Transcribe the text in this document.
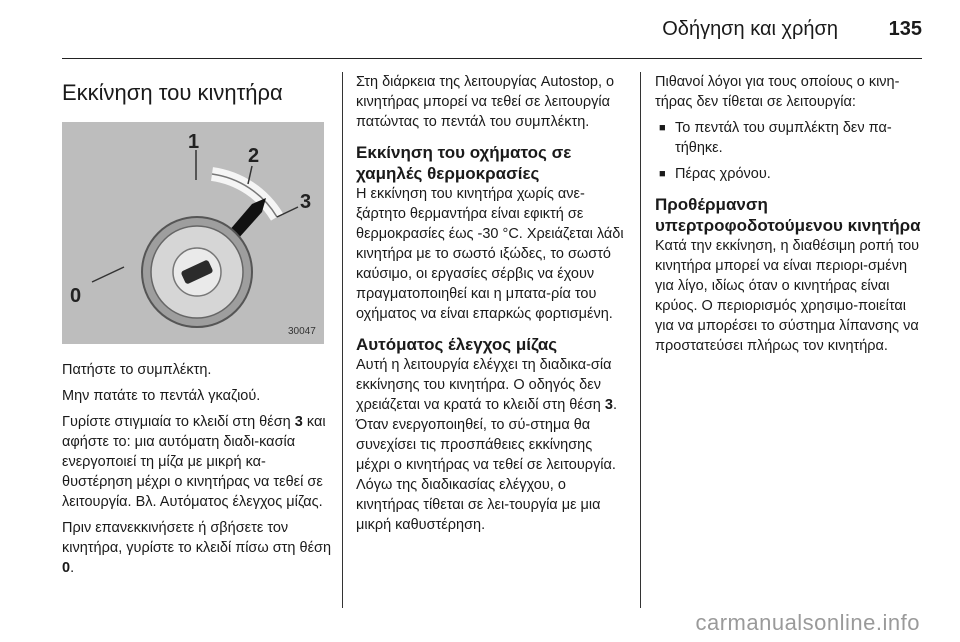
Οδήγηση και χρήση	135
Εκκίνηση του κινητήρα
1
2
3
0
30047

Πατήστε το συμπλέκτη.

Μην πατάτε το πεντάλ γκαζιού.

Γυρίστε στιγμιαία το κλειδί στη θέση 3 και αφήστε το: μια αυτόματη διαδι-κασία ενεργοποιεί τη μίζα με μικρή κα-θυστέρηση μέχρι ο κινητήρας να τεθεί σε λειτουργία. Βλ. Αυτόματος έλεγχος μίζας.

Πριν επανεκκινήσετε ή σβήσετε τον κινητήρα, γυρίστε το κλειδί πίσω στη θέση 0.

Στη διάρκεια της λειτουργίας Autostop, ο κινητήρας μπορεί να τεθεί σε λειτουργία πατώντας το πεντάλ του συμπλέκτη.

Εκκίνηση του οχήματος σε χαμηλές θερμοκρασίες

Η εκκίνηση του κινητήρα χωρίς ανε-ξάρτητο θερμαντήρα είναι εφικτή σε θερμοκρασίες έως -30 °C. Χρειάζεται λάδι κινητήρα με το σωστό ιξώδες, το σωστό καύσιμο, οι εργασίες σέρβις να έχουν πραγματοποιηθεί και η μπατα-ρία του οχήματος να είναι επαρκώς φορτισμένη.

Αυτόματος έλεγχος μίζας

Αυτή η λειτουργία ελέγχει τη διαδικα-σία εκκίνησης του κινητήρα. Ο οδηγός δεν χρειάζεται να κρατά το κλειδί στη θέση 3. Όταν ενεργοποιηθεί, το σύ-στημα θα συνεχίσει τις προσπάθειες εκκίνησης μέχρι ο κινητήρας να τεθεί σε λειτουργία. Λόγω της διαδικασίας ελέγχου, ο κινητήρας τίθεται σε λει-τουργία με μια μικρή καθυστέρηση.

Πιθανοί λόγοι για τους οποίους ο κινη-τήρας δεν τίθεται σε λειτουργία:

■ Το πεντάλ του συμπλέκτη δεν πα-τήθηκε.
■ Πέρας χρόνου.
Προθέρμανση υπερτροφοδοτούμενου κινητήρα

Κατά την εκκίνηση, η διαθέσιμη ροπή του κινητήρα μπορεί να είναι περιορι-σμένη για λίγο, ιδίως όταν ο κινητήρας είναι κρύος. Ο περιορισμός χρησιμο-ποιείται για να μπορέσει το σύστημα λίπανσης να προστατεύσει πλήρως τον κινητήρα.

carmanualsonline.info
